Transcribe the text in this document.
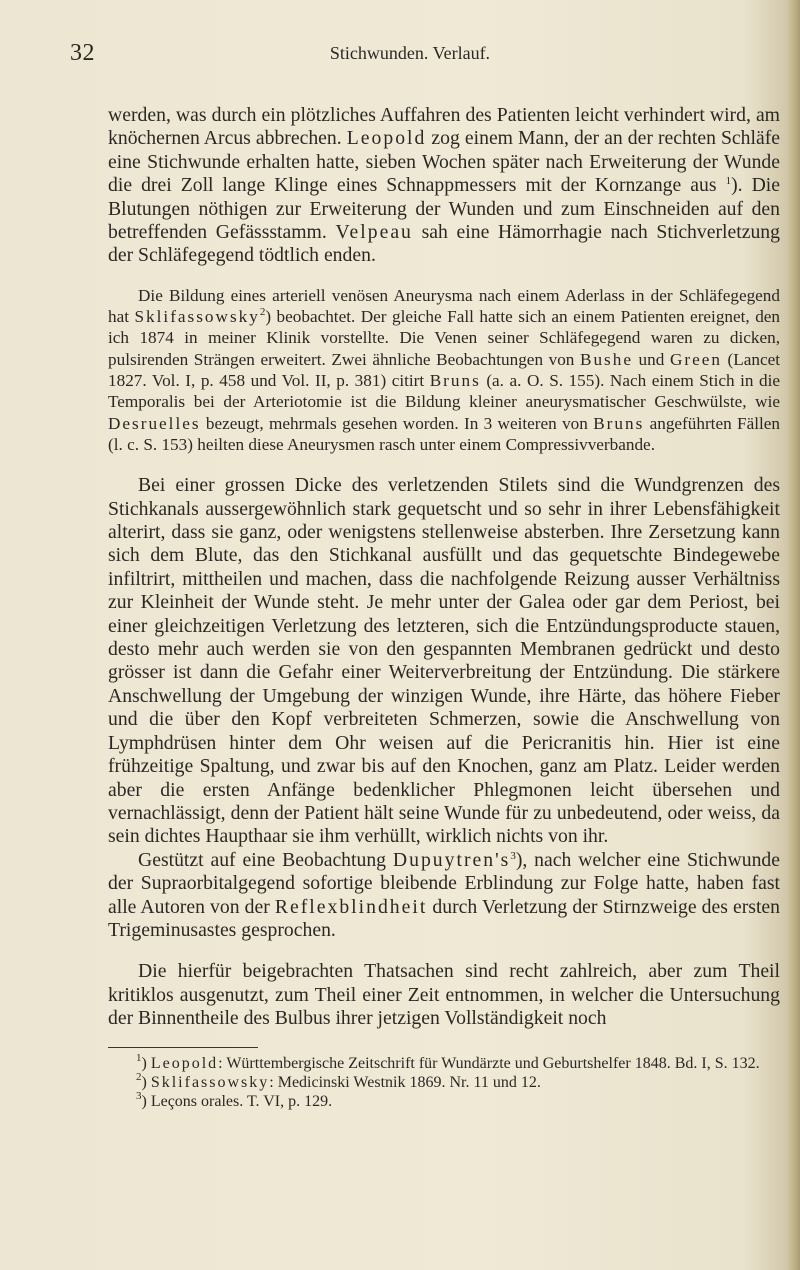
32	Stichwunden. Verlauf.

werden, was durch ein plötzliches Auffahren des Patienten leicht verhindert wird, am knöchernen Arcus abbrechen. Leopold zog einem Mann, der an der rechten Schläfe eine Stichwunde erhalten hatte, sieben Wochen später nach Erweiterung der Wunde die drei Zoll lange Klinge eines Schnappmessers mit der Kornzange aus $^1$). Die Blutungen nöthigen zur Erweiterung der Wunden und zum Einschneiden auf den betreffenden Gefässstamm. Velpeau sah eine Hämorrhagie nach Stichverletzung der Schläfegegend tödtlich enden.

Die Bildung eines arteriell venösen Aneurysma nach einem Aderlass in der Schläfegegend hat Sklifassowsky$^2$) beobachtet. Der gleiche Fall hatte sich an einem Patienten ereignet, den ich 1874 in meiner Klinik vorstellte. Die Venen seiner Schläfegegend waren zu dicken, pulsirenden Strängen erweitert. Zwei ähnliche Beobachtungen von Bushe und Green (Lancet 1827. Vol. I, p. 458 und Vol. II, p. 381) citirt Bruns (a. a. O. S. 155). Nach einem Stich in die Temporalis bei der Arteriotomie ist die Bildung kleiner aneurysmatischer Geschwülste, wie Desruelles bezeugt, mehrmals gesehen worden. In 3 weiteren von Bruns angeführten Fällen (l. c. S. 153) heilten diese Aneurysmen rasch unter einem Compressivverbande.

Bei einer grossen Dicke des verletzenden Stilets sind die Wundgrenzen des Stichkanals aussergewöhnlich stark gequetscht und so sehr in ihrer Lebensfähigkeit alterirt, dass sie ganz, oder wenigstens stellenweise absterben. Ihre Zersetzung kann sich dem Blute, das den Stichkanal ausfüllt und das gequetschte Bindegewebe infiltrirt, mittheilen und machen, dass die nachfolgende Reizung ausser Verhältniss zur Kleinheit der Wunde steht. Je mehr unter der Galea oder gar dem Periost, bei einer gleichzeitigen Verletzung des letzteren, sich die Entzündungsproducte stauen, desto mehr auch werden sie von den gespannten Membranen gedrückt und desto grösser ist dann die Gefahr einer Weiterverbreitung der Entzündung. Die stärkere Anschwellung der Umgebung der winzigen Wunde, ihre Härte, das höhere Fieber und die über den Kopf verbreiteten Schmerzen, sowie die Anschwellung von Lymphdrüsen hinter dem Ohr weisen auf die Pericranitis hin. Hier ist eine frühzeitige Spaltung, und zwar bis auf den Knochen, ganz am Platz. Leider werden aber die ersten Anfänge bedenklicher Phlegmonen leicht übersehen und vernachlässigt, denn der Patient hält seine Wunde für zu unbedeutend, oder weiss, da sein dichtes Haupthaar sie ihm verhüllt, wirklich nichts von ihr.

Gestützt auf eine Beobachtung $Dupuytren's^3$), nach welcher eine Stichwunde der Supraorbitalgegend sofortige bleibende Erblindung zur Folge hatte, haben fast alle Autoren von der Reflexblindheit durch Verletzung der Stirnzweige des ersten Trigeminusastes gesprochen.

Die hierfür beigebrachten Thatsachen sind recht zahlreich, aber zum Theil kritiklos ausgenutzt, zum Theil einer Zeit entnommen, in welcher die Untersuchung der Binnentheile des Bulbus ihrer jetzigen Vollständigkeit noch

$^1$) Leopold: Württembergische Zeitschrift für Wundärzte und Geburtshelfer 1848. Bd. I, S. 132.
$^2$) Sklifassowsky: Medicinski Westnik 1869. Nr. 11 und 12.
$^3$) Leçons orales. T. VI, p. 129.
